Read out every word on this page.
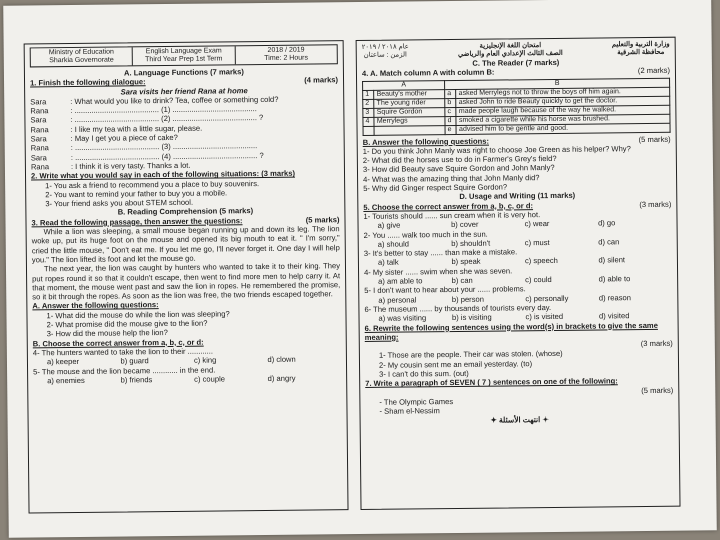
Ministry of Education
Sharkia Governorate
English Language Exam
Third Year Prep 1st Term
2018 / 2019
Time: 2 Hours
A. Language Functions (7 marks)
1. Finish the following dialogue:	(4 marks)
Sara visits her friend Rana at home
Sara	: What would you like to drink? Tea, coffee or something cold?
Rana	: ........................................ (1) ........................................
Sara	: ........................................ (2) ........................................ ?
Rana	: I like my tea with a little sugar, please.
Sara	: May I get you a piece of cake?
Rana	: ........................................ (3) ........................................
Sara	: ........................................ (4) ........................................ ?
Rana	: I think it is very tasty. Thanks a lot.
2. Write what you would say in each of the following situations: (3 marks)
1- You ask a friend to recommend you a place to buy souvenirs.
2- You want to remind your father to buy you a mobile.
3- Your friend asks you about STEM school.
B. Reading Comprehension (5 marks)
3. Read the following passage, then answer the questions:	(5 marks)
While a lion was sleeping, a small mouse began running up and down its leg. The lion woke up, put its huge foot on the mouse and opened its big mouth to eat it. " I'm sorry," cried the little mouse, " Don't eat me. If you let me go, I'll never forget it. One day I will help you." The lion lifted its foot and let the mouse go.
The next year, the lion was caught by hunters who wanted to take it to their king. They put ropes round it so that it couldn't escape, then went to find more men to help carry it. At that moment, the mouse went past and saw the lion in ropes. He remembered the promise, so it bit through the ropes. As soon as the lion was free, the two friends escaped together.
A. Answer the following questions:
1- What did the mouse do while the lion was sleeping?
2- What promise did the mouse give to the lion?
3- How did the mouse help the lion?
B. Choose the correct answer from a, b, c, or d:
4- The hunters wanted to take the lion to their ............
a) keeper	b) guard	c) king	d) clown
5- The mouse and the lion became ............ in the end.
a) enemies	b) friends	c) couple	d) angry
عام ٢٠١٨ / ٢٠١٩
الزمن : ساعتان
امتحان اللغة الإنجليزية
الصف الثالث الإعدادي العام والرياضي
وزارة التربية والتعليم
محافظة الشرقية
C. The Reader (7 marks)
4. A. Match column A with column B:	(2 marks)
A		B	
1	Beauty's mother	a	asked Merrylegs not to throw the boys off him again.
2	The young rider	b	asked John to ride Beauty quickly to get the doctor.
3	Squire Gordon	c	made people laugh because of the way he walked.
4	Merrylegs	d	smoked a cigarette while his horse was brushed.
		e	advised him to be gentle and good.
B. Answer the following questions:	(5 marks)
1- Do you think John Manly was right to choose Joe Green as his helper? Why?
2- What did the horses use to do in Farmer's Grey's field?
3- How did Beauty save Squire Gordon and John Manly?
4- What was the amazing thing that John Manly did?
5- Why did Ginger respect Squire Gordon?
D. Usage and Writing (11 marks)
5. Choose the correct answer from a, b, c, or d:	(3 marks)
1- Tourists should ...... sun cream when it is very hot.
a) give	b) cover	c) wear	d) go
2- You ...... walk too much in the sun.
a) should	b) shouldn't	c) must	d) can
3- It's better to stay ...... than make a mistake.
a) talk	b) speak	c) speech	d) silent
4- My sister ...... swim when she was seven.
a) am able to	b) can	c) could	d) able to
5- I don't want to hear about your ...... problems.
a) personal	b) person	c) personally	d) reason
6- The museum ...... by thousands of tourists every day.
a) was visiting	b) is visiting	c) is visited	d) visited
6. Rewrite the following sentences using the word(s) in brackets to give the same meaning:
(3 marks)
1- Those are the people. Their car was stolen. (whose)
2- My cousin sent me an email yesterday. (to)
3- I can't do this sum. (out)
7. Write a paragraph of SEVEN ( 7 ) sentences on one of the following:
(5 marks)
- The Olympic Games
- Sham el-Nessim
✦ انتهت الأسئلة ✦
